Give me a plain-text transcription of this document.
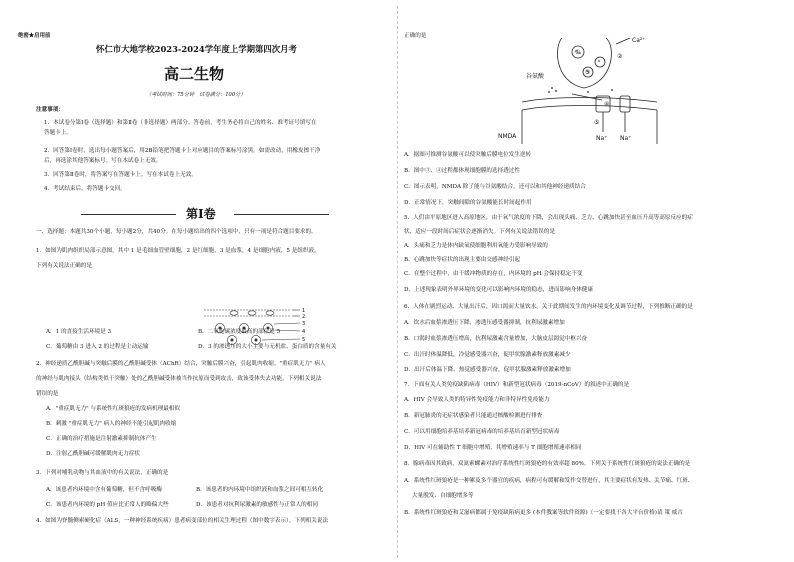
绝密★启用前
怀仁市大地学校2023-2024学年度上学期第四次月考
高二生物
（考试时间：75分钟　试卷满分：100分）
注意事项：
1．本试卷分第Ⅰ卷（选择题）和第Ⅱ卷（非选择题）两部分。答卷前，考生务必将自己的姓名、准考证号填写在
答题卡上。
2．回答第Ⅰ卷时，选出每小题答案后，用2B铅笔把答题卡上对应题目的答案标号涂黑。如需改动，用橡皮擦干净
后，再选涂其他答案标号。写在本试卷上无效。
3．回答第Ⅱ卷时，将答案写在答题卡上。写在本试卷上无效。
4．考试结束后，将答题卡交回。
第Ⅰ卷
一、选择题：本题共30个小题，每小题2分，共40分。在每小题给出的四个选项中，只有一项是符合题目要求的。
1．如图为肌肉组织局部示意图。其中 1 是毛细血管壁细胞，2 是红细胞，3 是血浆，4 是细胞内液，5 是组织液。
下列有关说法正确的是
1
2
3
4
5
A．1 的直接生活环境是 3	B．二氧化碳浓度最高的部位是 5
C．葡萄糖由 3 进入 2 的过程是主动运输	D．3 的渗透压的大小主要与无机盐、蛋白质的含量有关
2．神经递质乙酰胆碱与突触后膜的乙酰胆碱受体（AChR）结合，突触后膜兴奋，引起肌肉收缩。"重症肌无力" 病人
的神经与肌肉接头（结构类似于突触）处的乙酰胆碱受体被当作抗原而受到攻击，致该受体失去功能。下列相关说法
错误的是
A．"重症肌无力" 与系统性红斑狼疮的发病机理最相似
B．刺激 "重症肌无力" 病人的神经不能引起肌肉收缩
C．正确的治疗措施是注射激素抑制抗体产生
D．注射乙酰胆碱可缓解肌肉无力症状
3．下列对哺乳动物与其血液中的有关说法，正确的是
A．该患者内环境中含有葡萄糖，但不含呼吸酶	B．该患者的内环境中组织液和血浆之间可相互转化
C．该患者内环境的 pH 值应比正常人的略偏大些	D．该患者对抗利尿激素的敏感性与正常人的相同
4．如图为脊髓侧索硬化症（ALS，一种神经系统疾病）患者病变部位的相关生理过程（图中数字表示）。下列相关说法
正确的是
谷氨酸
Ca²⁺
NMDA	Na⁺ Na⁺
①
②
③
④
⑤
A．据图可推测谷氨酸可以使突触后膜电位发生逆转
B．图中③、④过程都体现细胞膜的选择透过性
C．图示表明，NMDA 除了能与谷氨酸结合，还可以和其他神经递质结合
D．正常情况下，突触间隙的谷氨酸能长时间起作用
5．人们由平原地区进入高原地区，由于氧气浓度的下降，会出现头痛、乏力、心跳加快甚至血压升高等高原反应的症
状，适应一段时间后症状会逐渐消失。下列有关说法错误的是
A．头痛和乏力是体内缺氧使细胞利用氧能力受影响导致的
B．心跳加快等症状的出现主要由交感神经引起
C．在整个过程中，由于缓冲物质的存在，内环境的 pH 会保持稳定不变
D．上述现象表明外界环境的变化可以影响内环境的稳态，进而影响身体健康
6．人体在剧烈运动、大量出汗后，因口渴而大量饮水。关于此期间发生的内环境变化及调节过程，下列推断正确的是
A．饮水后血浆渗透压下降，渗透压感受器抑制，抗利尿激素增加
B．口渴时血浆渗透压增高，抗利尿激素含量增加，大脑皮层渴觉中枢兴奋
C．出汗时体温降低，冷觉感受器兴奋，促甲状腺激素释放激素减少
D．出汗后体温下降，热觉感受器兴奋，促甲状腺激素释放激素增加
7．下面有关人类免疫缺陷病毒（HIV）和新型冠状病毒（2019-nCoV）的叙述中正确的是
A．HIV 会导致人类的特异性免疫能力和非特异性免疫能力
B．新冠肺炎的无症状感染者只能通过核酸检测进行排查
C．可以用细胞培养基培养新冠病毒的培养基培育新型冠状病毒
D．HIV 可在辅助性 T 细胞中增殖，其增殖速率与 T 细胞增殖速率相同
8．腺病毒因其致病，双氮索螺素对治疗系统性红斑狼疮的有效率超 80%。下列关于系统性红斑狼疮的说法正确的是
A．系统性红斑狼疮是一种累及多个器官的疾病，病程可有缓解和发作交替进行，其主要症状有发热、关节痛、红斑、
大量脱发、自细胞增多等
B．系统性红斑狼疮和艾滋病都属于免疫缺陷病更多 (本件教案等软件资源)（一定要找干各大平台价格)请 策 威吉
